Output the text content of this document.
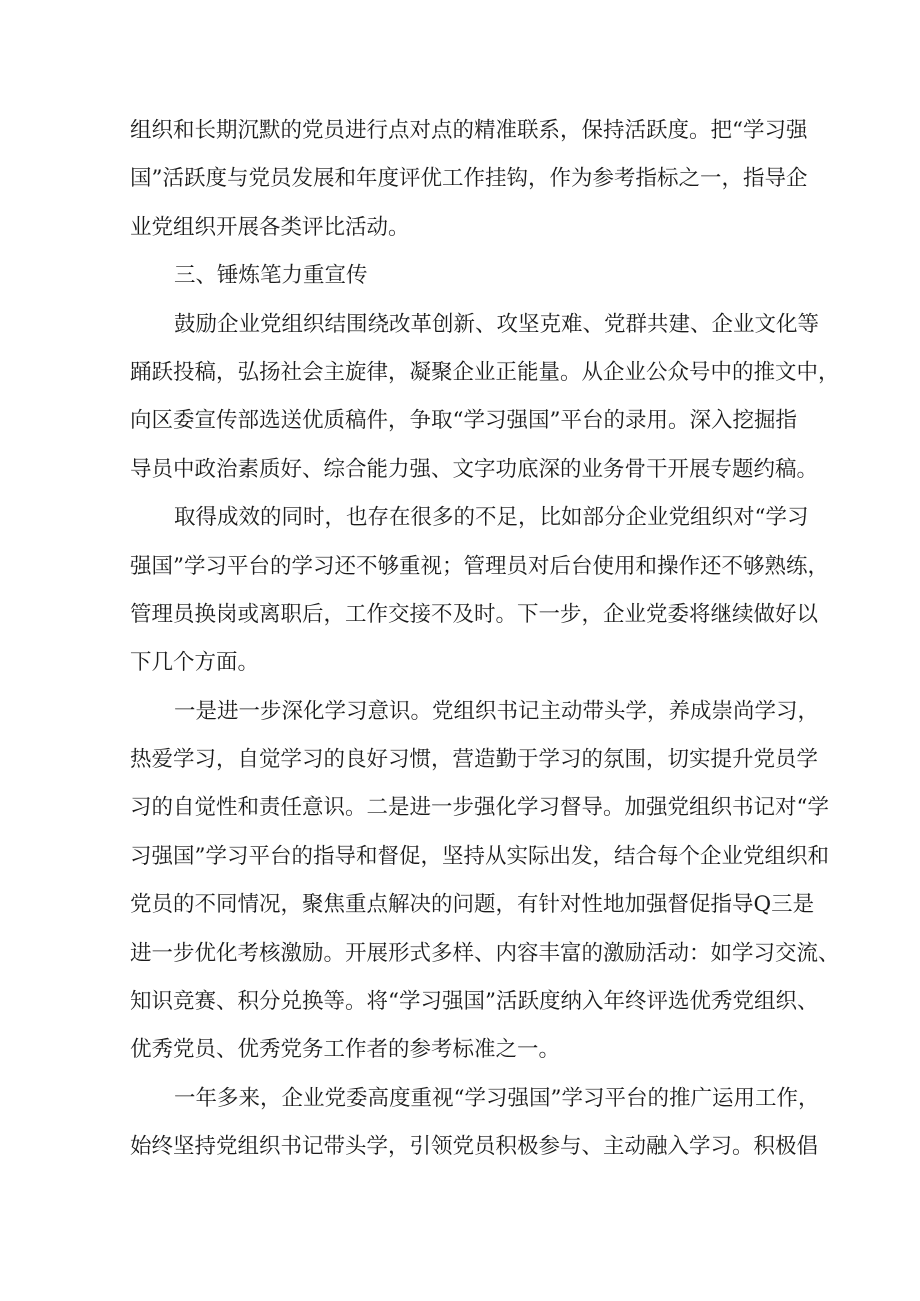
组织和长期沉默的党员进行点对点的精准联系，保持活跃度。把“学习强
国”活跃度与党员发展和年度评优工作挂钩，作为参考指标之一，指导企
业党组织开展各类评比活动。
三、锤炼笔力重宣传
鼓励企业党组织结围绕改革创新、攻坚克难、党群共建、企业文化等
踊跃投稿，弘扬社会主旋律，凝聚企业正能量。从企业公众号中的推文中，
向区委宣传部选送优质稿件，争取“学习强国”平台的录用。深入挖掘指
导员中政治素质好、综合能力强、文字功底深的业务骨干开展专题约稿。
取得成效的同时，也存在很多的不足，比如部分企业党组织对“学习
强国”学习平台的学习还不够重视；管理员对后台使用和操作还不够熟练，
管理员换岗或离职后，工作交接不及时。下一步，企业党委将继续做好以
下几个方面。
一是进一步深化学习意识。党组织书记主动带头学，养成崇尚学习，
热爱学习，自觉学习的良好习惯，营造勤于学习的氛围，切实提升党员学
习的自觉性和责任意识。二是进一步强化学习督导。加强党组织书记对“学
习强国”学习平台的指导和督促，坚持从实际出发，结合每个企业党组织和
党员的不同情况，聚焦重点解决的问题，有针对性地加强督促指导Q三是
进一步优化考核激励。开展形式多样、内容丰富的激励活动：如学习交流、
知识竞赛、积分兑换等。将“学习强国”活跃度纳入年终评选优秀党组织、
优秀党员、优秀党务工作者的参考标准之一。
一年多来，企业党委高度重视“学习强国”学习平台的推广运用工作，
始终坚持党组织书记带头学，引领党员积极参与、主动融入学习。积极倡
